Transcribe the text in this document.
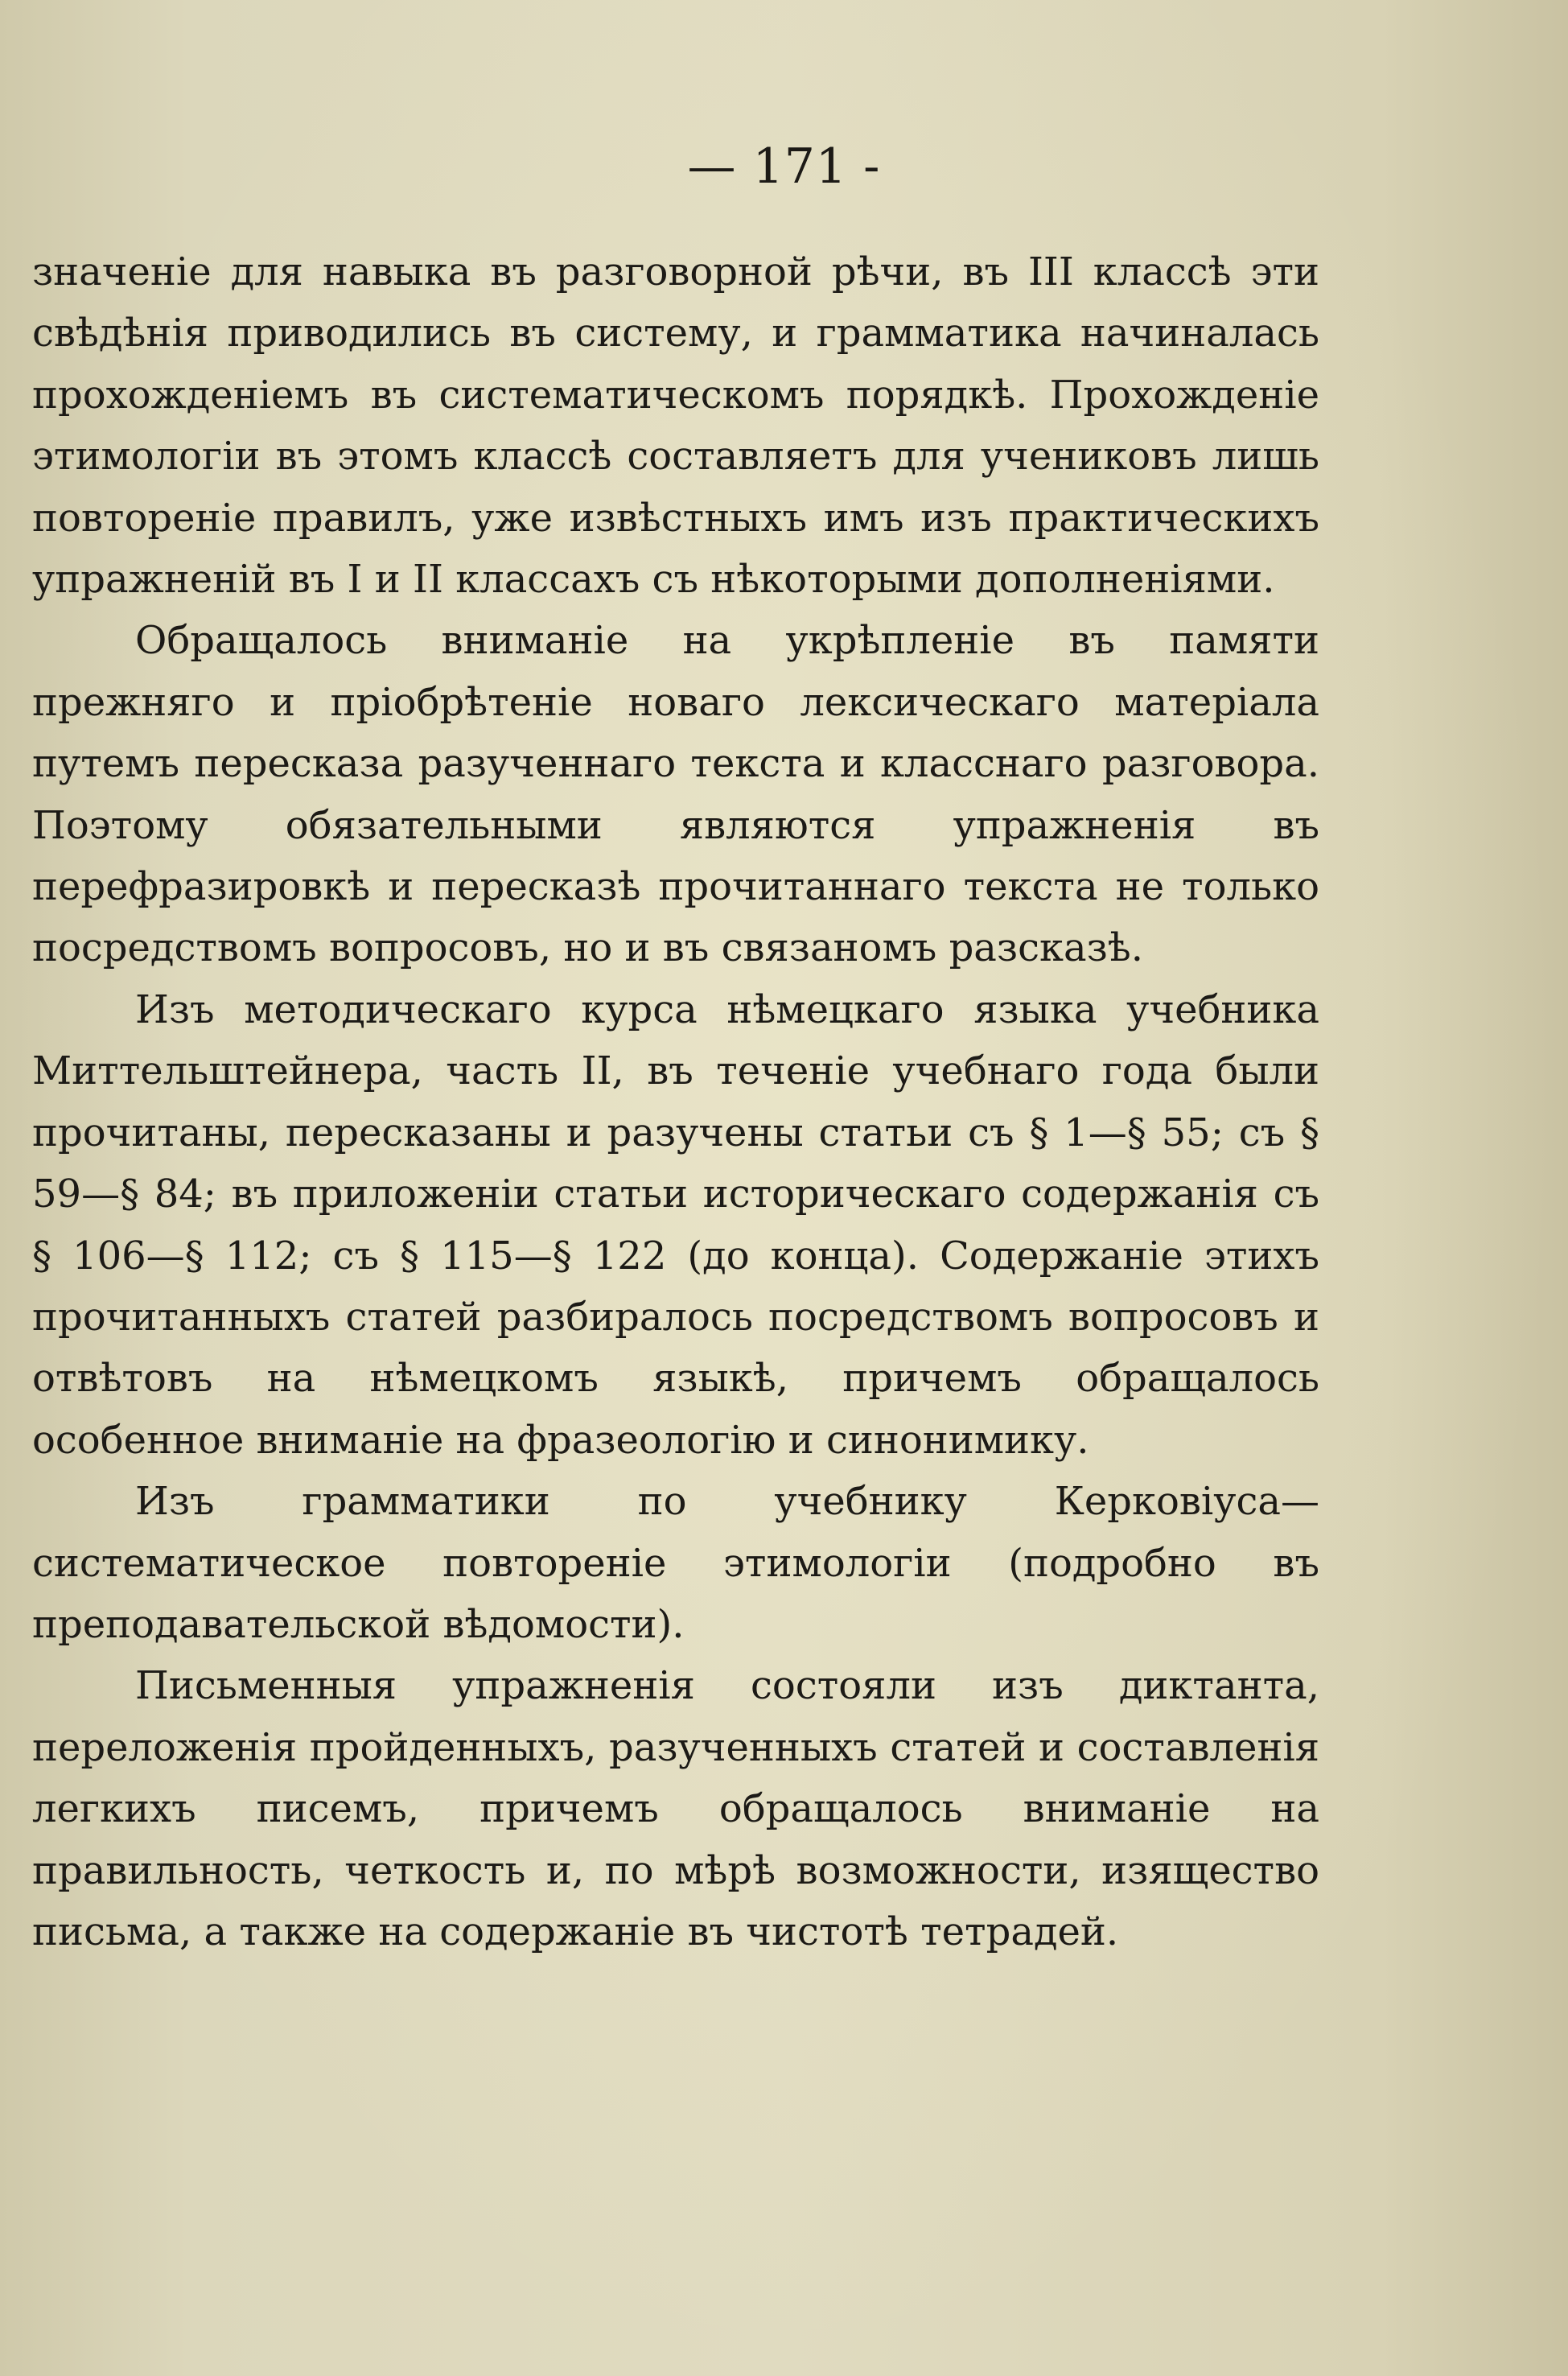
— 171 -

значеніе для навыка въ разговорной рѣчи, въ III классѣ эти свѣдѣнія приводились въ систему, и грамматика начиналась прохожденіемъ въ систематическомъ порядкѣ. Прохожденіе этимологіи въ этомъ классѣ составляетъ для учениковъ лишь повтореніе правилъ, уже извѣстныхъ имъ изъ практическихъ упражненій въ I и II классахъ съ нѣкоторыми дополненіями.

Обращалось вниманіе на укрѣпленіе въ памяти прежняго и пріобрѣтеніе новаго лексическаго матеріала путемъ пересказа разученнаго текста и класснаго разговора. Поэтому обязательными являются упражненія въ перефразировкѣ и пересказѣ прочитаннаго текста не только посредствомъ вопросовъ, но и въ связаномъ разсказѣ.

Изъ методическаго курса нѣмецкаго языка учебника Миттельштейнера, часть II, въ теченіе учебнаго года были прочитаны, пересказаны и разучены статьи съ § 1—§ 55; съ § 59—§ 84; въ приложеніи статьи историческаго содержанія съ § 106—§ 112; съ § 115—§ 122 (до конца). Содержаніе этихъ прочитанныхъ статей разбиралось посредствомъ вопросовъ и отвѣтовъ на нѣмецкомъ языкѣ, причемъ обращалось особенное вниманіе на фразеологію и синонимику.

Изъ грамматики по учебнику Керковіуса—систематическое повтореніе этимологіи (подробно въ преподавательской вѣдомости).

Письменныя упражненія состояли изъ диктанта, переложенія пройденныхъ, разученныхъ статей и составленія легкихъ писемъ, причемъ обращалось вниманіе на правильность, четкость и, по мѣрѣ возможности, изящество письма, а также на содержаніе въ чистотѣ тетрадей.
